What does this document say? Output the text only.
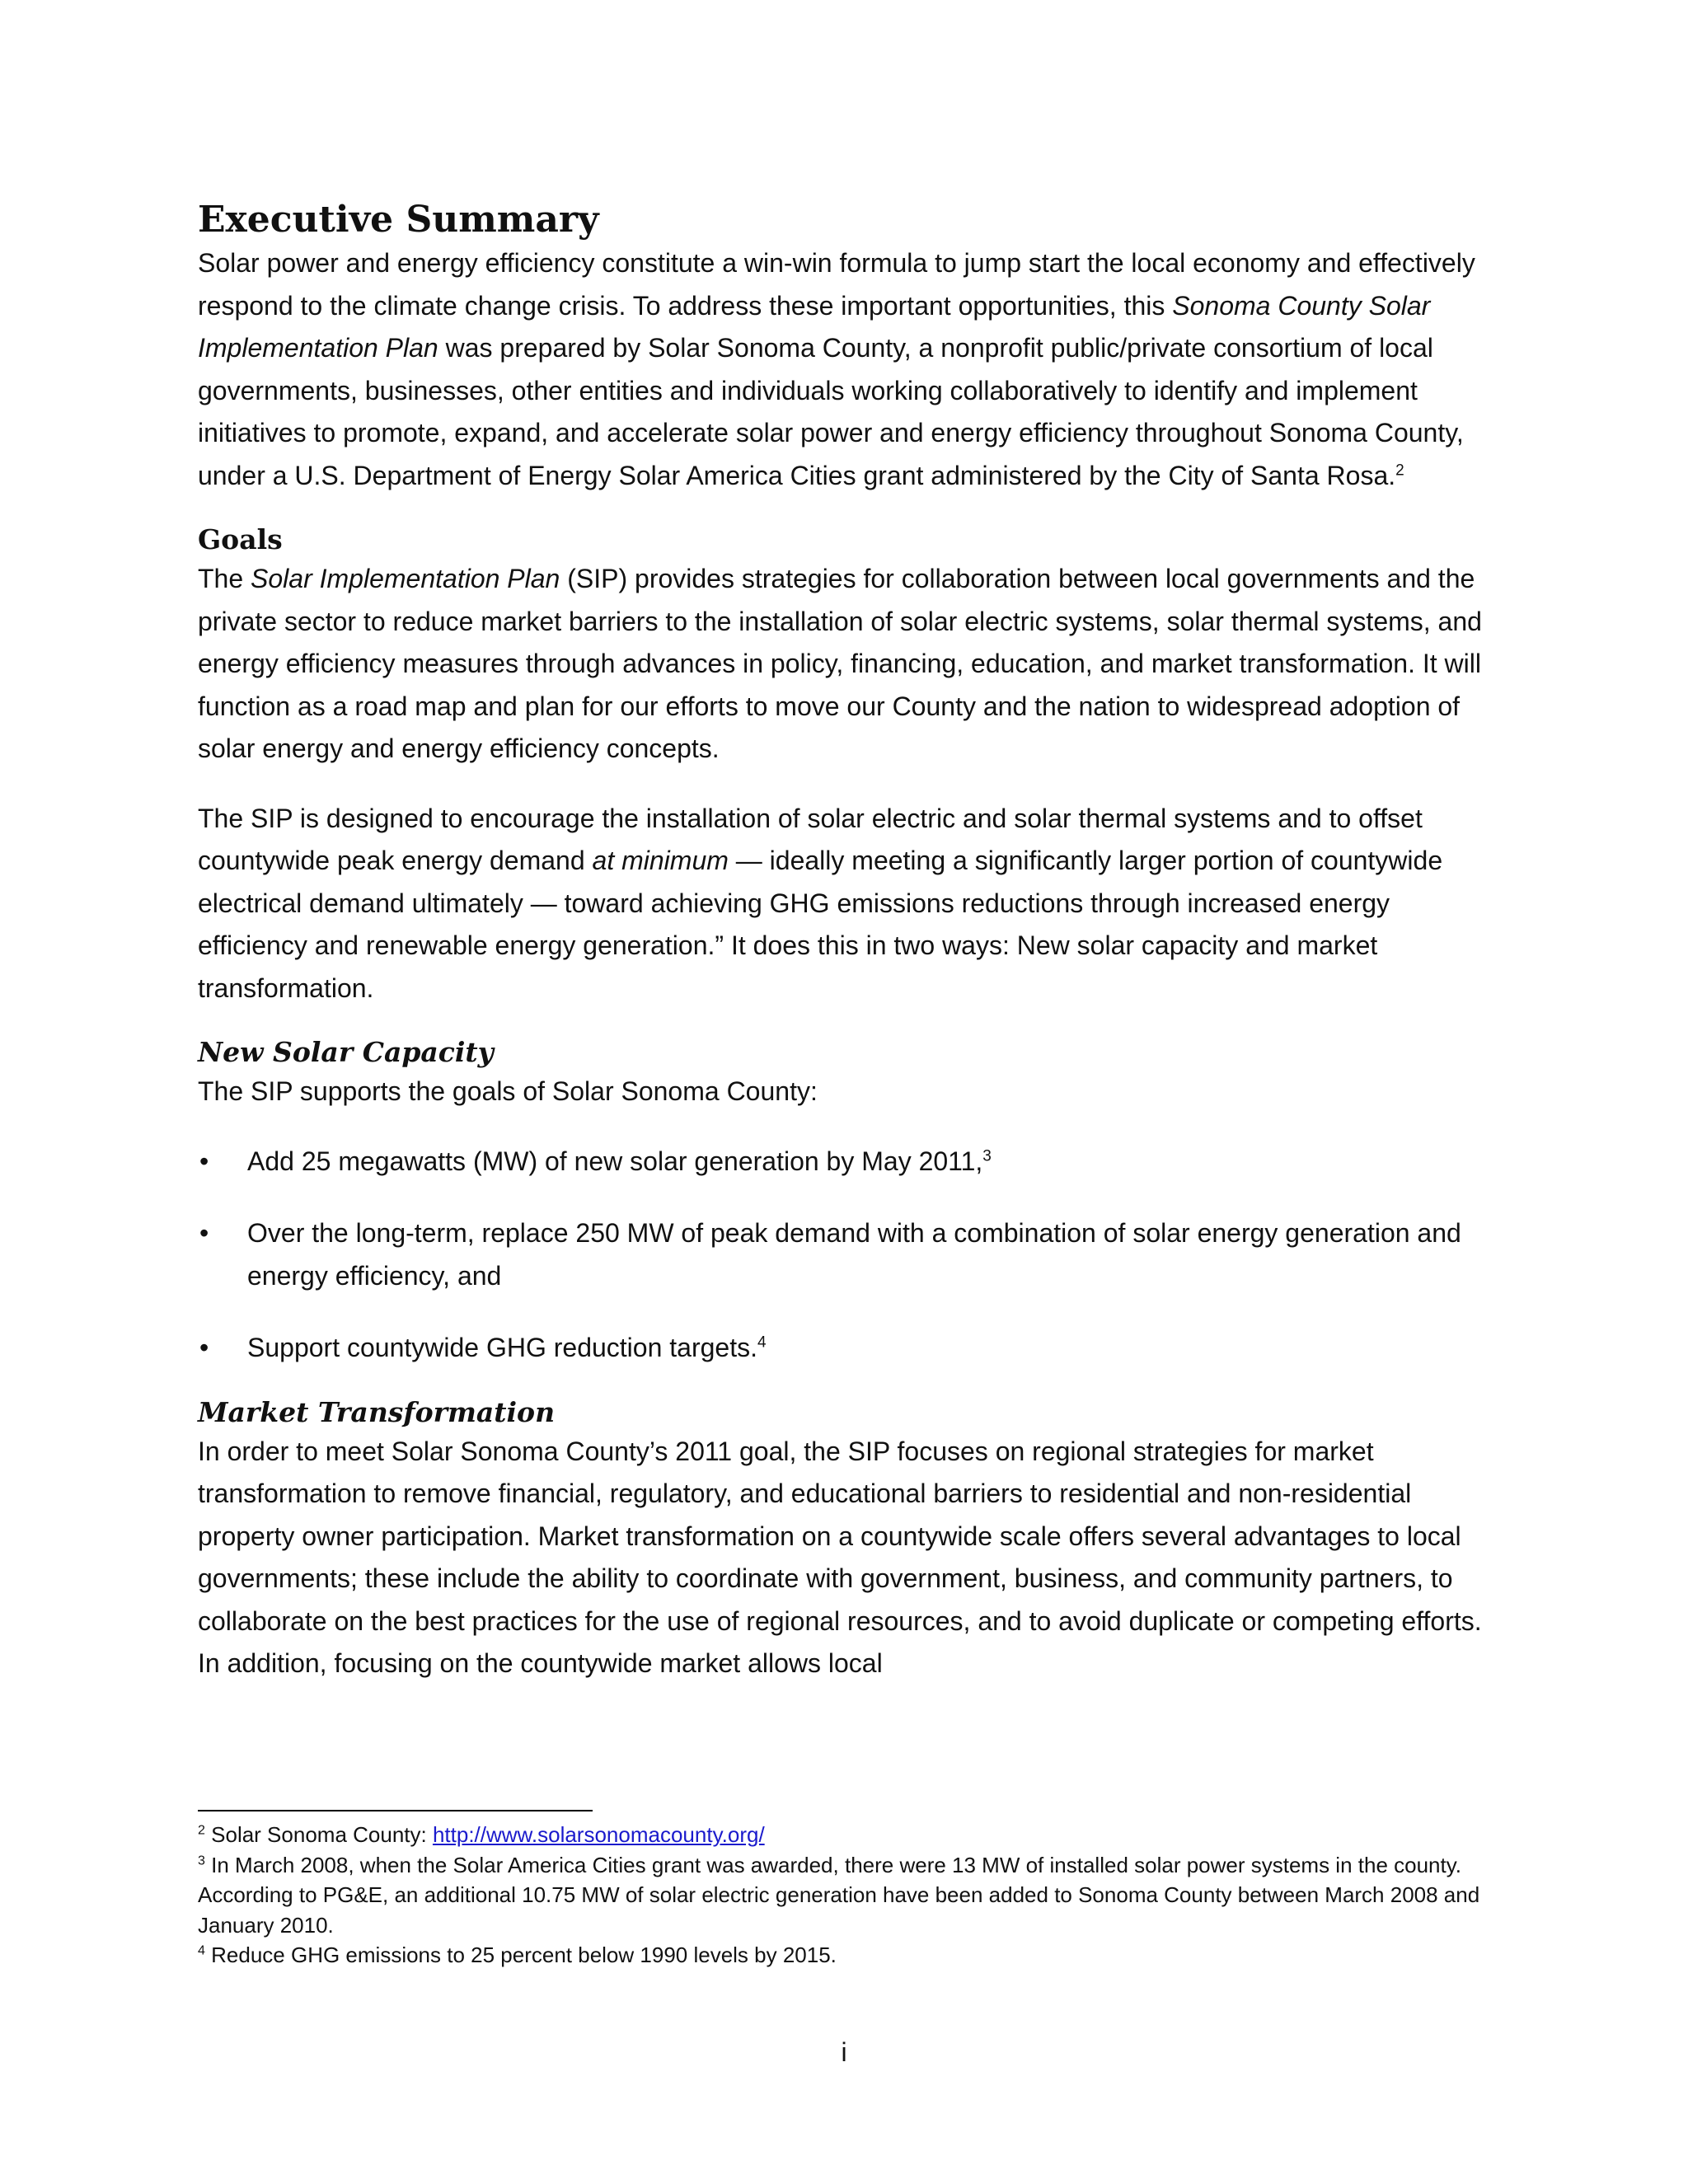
Executive Summary

Solar power and energy efficiency constitute a win-win formula to jump start the local economy and effectively respond to the climate change crisis. To address these important opportunities, this Sonoma County Solar Implementation Plan was prepared by Solar Sonoma County, a nonprofit public/private consortium of local governments, businesses, other entities and individuals working collaboratively to identify and implement initiatives to promote, expand, and accelerate solar power and energy efficiency throughout Sonoma County, under a U.S. Department of Energy Solar America Cities grant administered by the City of Santa Rosa.$^2$

Goals

The Solar Implementation Plan (SIP) provides strategies for collaboration between local governments and the private sector to reduce market barriers to the installation of solar electric systems, solar thermal systems, and energy efficiency measures through advances in policy, financing, education, and market transformation. It will function as a road map and plan for our efforts to move our County and the nation to widespread adoption of solar energy and energy efficiency concepts.

The SIP is designed to encourage the installation of solar electric and solar thermal systems and to offset countywide peak energy demand at minimum — ideally meeting a significantly larger portion of countywide electrical demand ultimately — toward achieving GHG emissions reductions through increased energy efficiency and renewable energy generation.” It does this in two ways: New solar capacity and market transformation.

New Solar Capacity

The SIP supports the goals of Solar Sonoma County:

• Add 25 megawatts (MW) of new solar generation by May 2011,$^3$
• Over the long-term, replace 250 MW of peak demand with a combination of solar energy generation and energy efficiency, and
• Support countywide GHG reduction targets.$^4$
Market Transformation

In order to meet Solar Sonoma County’s 2011 goal, the SIP focuses on regional strategies for market transformation to remove financial, regulatory, and educational barriers to residential and non-residential property owner participation. Market transformation on a countywide scale offers several advantages to local governments; these include the ability to coordinate with government, business, and community partners, to collaborate on the best practices for the use of regional resources, and to avoid duplicate or competing efforts. In addition, focusing on the countywide market allows local

$^2$ Solar Sonoma County: http://www.solarsonomacounty.org/
$^3$ In March 2008, when the Solar America Cities grant was awarded, there were 13 MW of installed solar power systems in the county. According to PG&E, an additional 10.75 MW of solar electric generation have been added to Sonoma County between March 2008 and January 2010.
$^4$ Reduce GHG emissions to 25 percent below 1990 levels by 2015.
i
